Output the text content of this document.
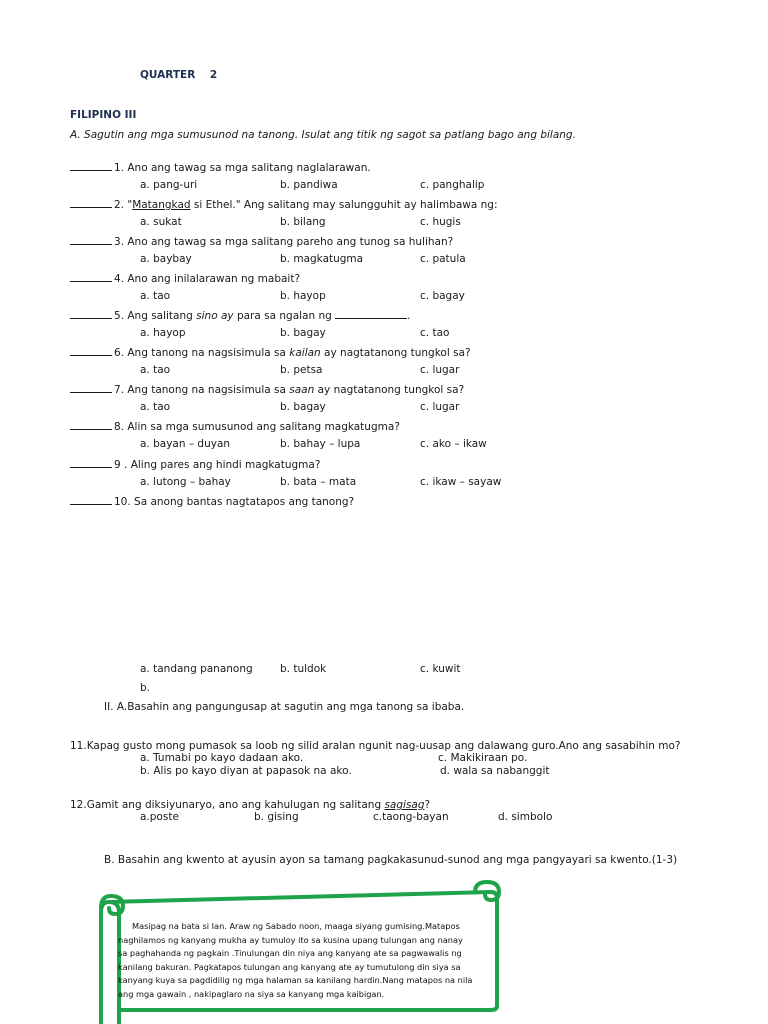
QUARTER 2
FILIPINO III
A. Sagutin ang mga sumusunod na tanong. Isulat ang titik ng sagot sa patlang bago ang bilang.
1. Ano ang tawag sa mga salitang naglalarawan.
a. pang-uri	b. pandiwa	c. panghalip
2. "Matangkad si Ethel." Ang salitang may salungguhit ay halimbawa ng:
a. sukat	b. bilang	c. hugis
3. Ano ang tawag sa mga salitang pareho ang tunog sa hulihan?
a. baybay	b. magkatugma	c. patula
4. Ano ang inilalarawan ng mabait?
a. tao	b. hayop	c. bagay
5. Ang salitang sino ay para sa ngalan ng	.
a. hayop	b. bagay	c. tao
6. Ang tanong na nagsisimula sa kailan ay nagtatanong tungkol sa?
a. tao	b. petsa	c. lugar
7. Ang tanong na nagsisimula sa saan ay nagtatanong tungkol sa?
a. tao	b. bagay	c. lugar
8. Alin sa mga sumusunod ang salitang magkatugma?
a. bayan – duyan	b. bahay – lupa	c. ako – ikaw
9 . Aling pares ang hindi magkatugma?
a. lutong – bahay	b. bata – mata	c. ikaw – sayaw
10. Sa anong bantas nagtatapos ang tanong?
a. tandang pananong	b. tuldok	c. kuwit
b.
II. A.Basahin ang pangungusap at sagutin ang mga tanong sa ibaba.
11.Kapag gusto mong pumasok sa loob ng silid aralan ngunit nag-uusap ang dalawang guro.Ano ang sasabihin mo?
a. Tumabi po kayo dadaan ako.
b. Alis po kayo diyan at papasok na ako.
c. Makikiraan po.
d. wala sa nabanggit
12.Gamit ang diksiyunaryo, ano ang kahulugan ng salitang sagisag?
a.poste	b. gising	c.taong-bayan	d. simbolo
B. Basahin ang kwento at ayusin ayon sa tamang pagkakasunud-sunod ang mga pangyayari sa kwento.(1-3)
Masipag na bata si Ian. Araw ng Sabado noon, maaga siyang gumising.Matapos
naghilamos ng kanyang mukha ay tumuloy ito sa kusina upang tulungan ang nanay
sa paghahanda ng pagkain .Tinulungan din niya ang kanyang ate sa pagwawalis ng
kanilang bakuran. Pagkatapos tulungan ang kanyang ate ay tumutulong din siya sa
kanyang kuya sa pagdidilig ng mga halaman sa kanilang hardin.Nang matapos na nila
ang mga gawain , nakipaglaro na siya sa kanyang mga kaibigan.
